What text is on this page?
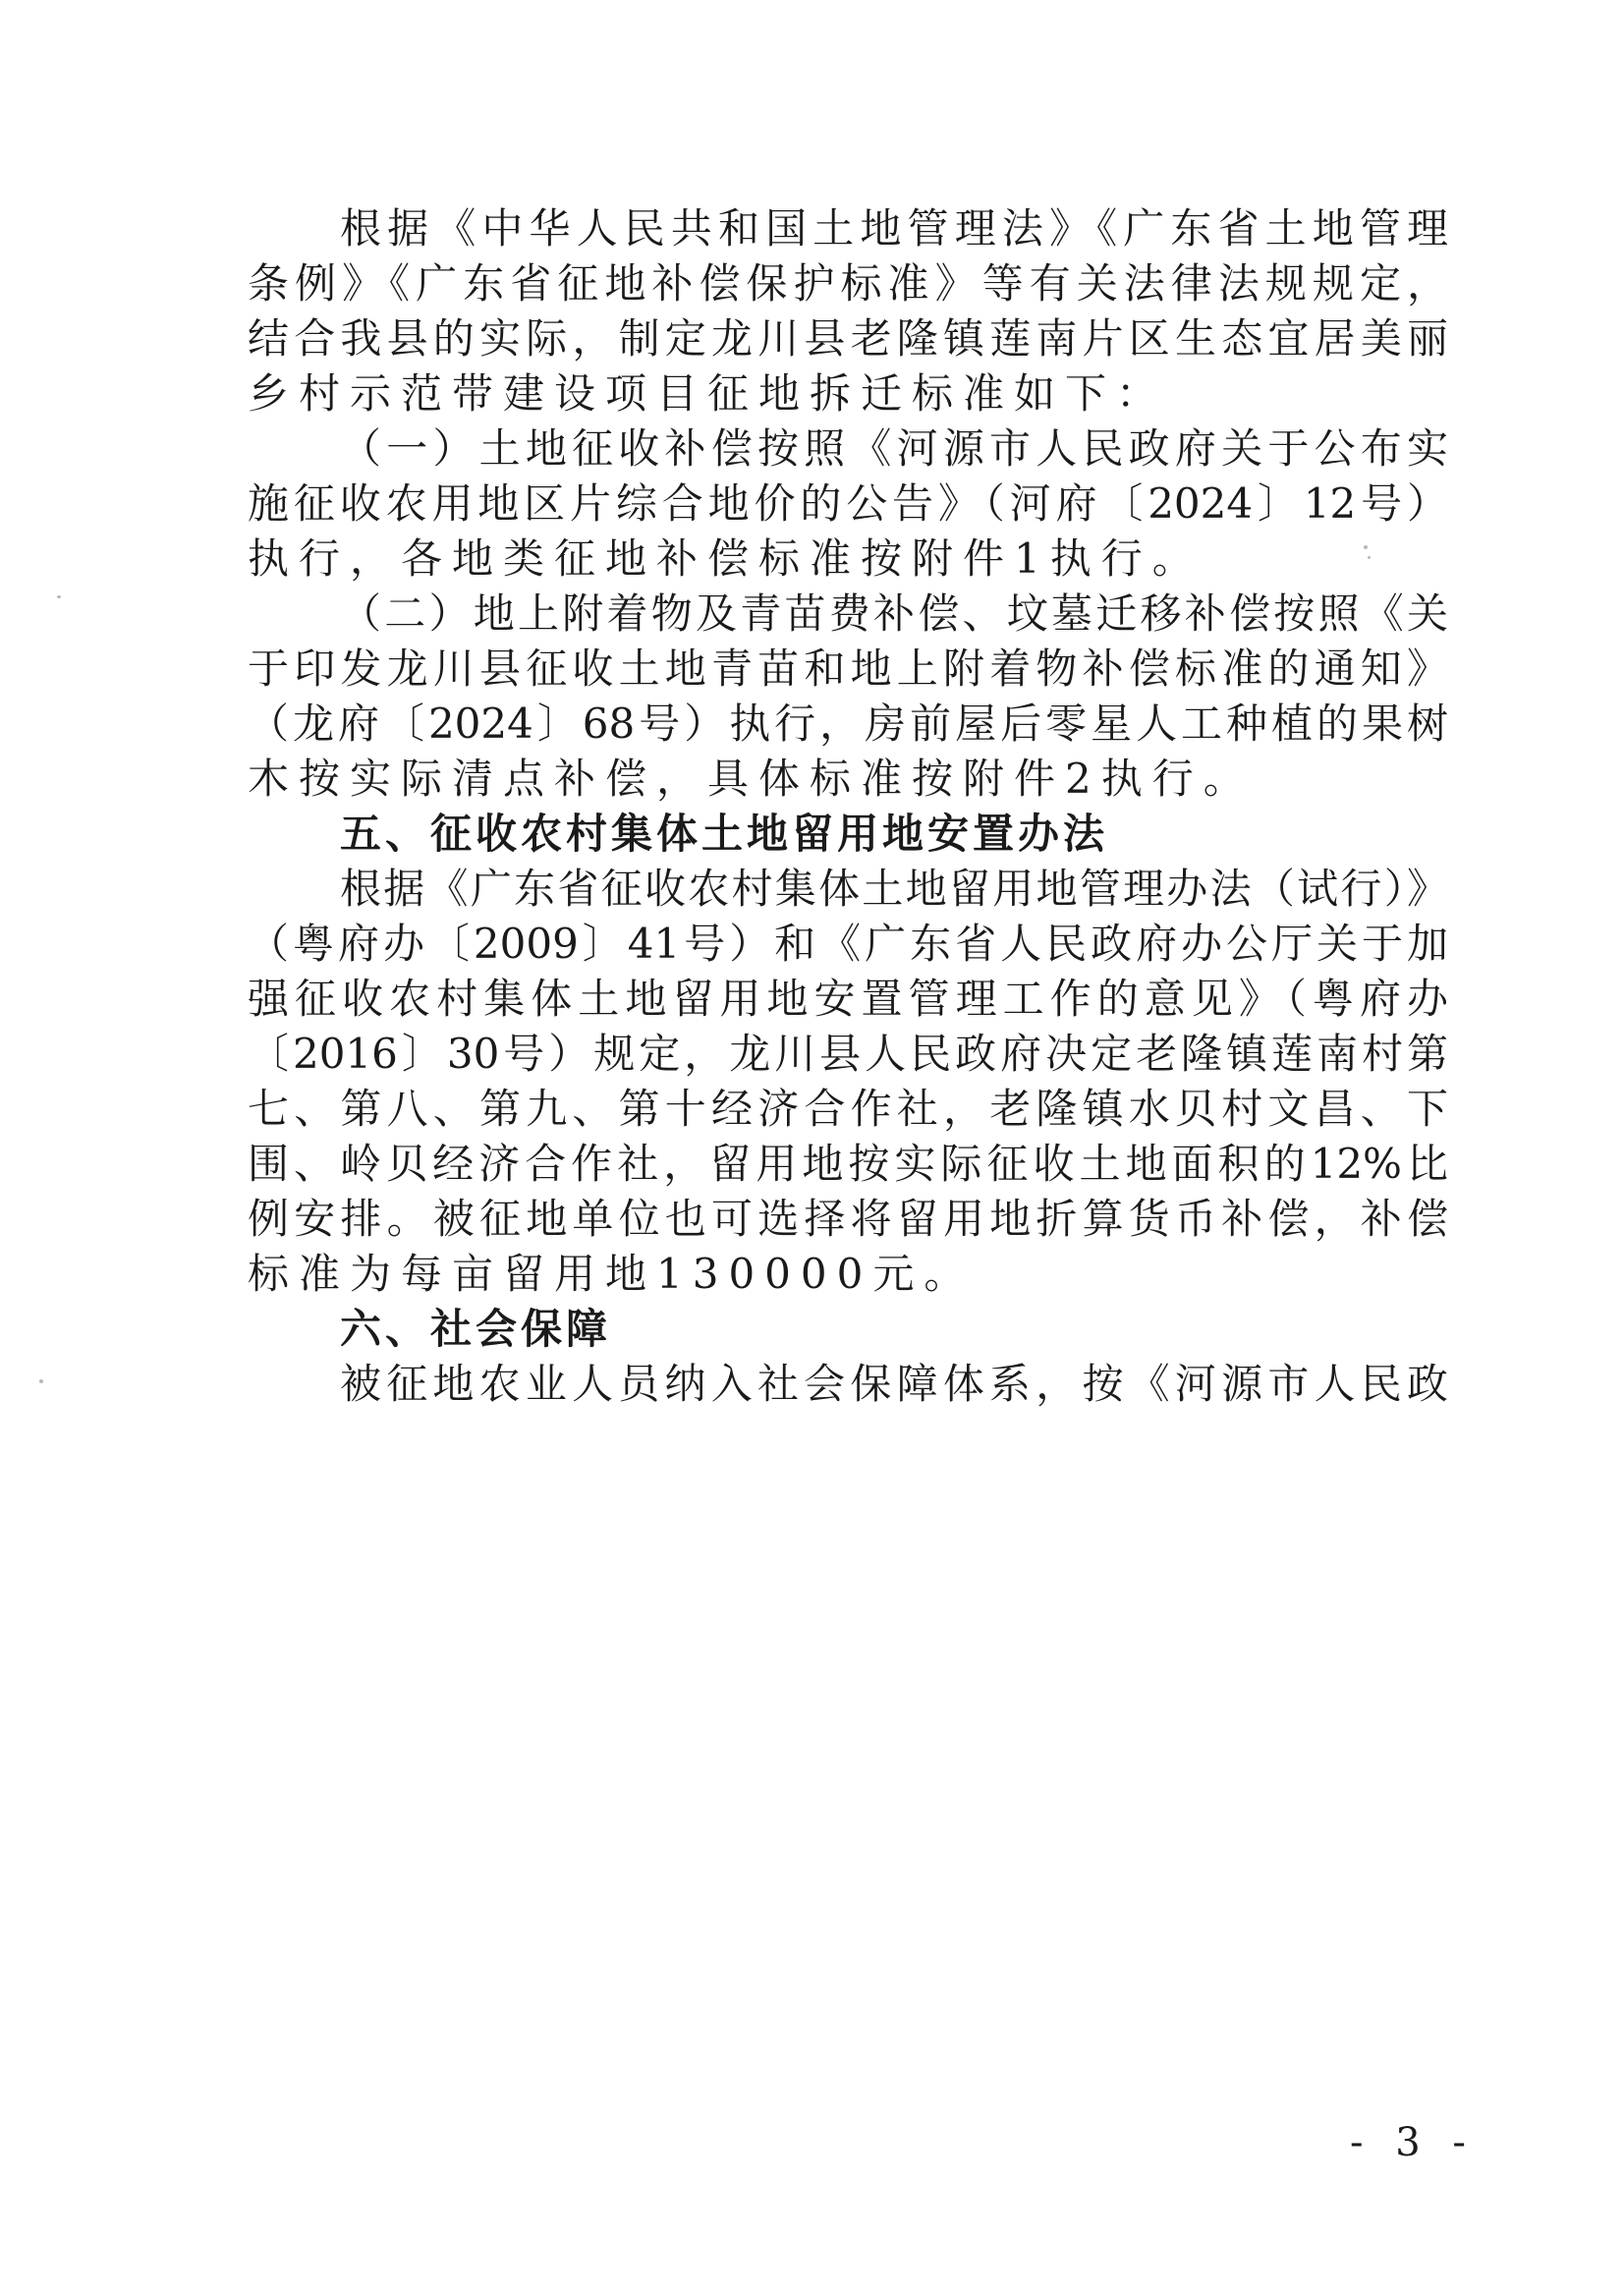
根据《中华人民共和国土地管理法》《广东省土地管理
条例》《广东省征地补偿保护标准》等有关法律法规规定，
结合我县的实际，制定龙川县老隆镇莲南片区生态宜居美丽
乡村示范带建设项目征地拆迁标准如下：
（一）土地征收补偿按照《河源市人民政府关于公布实
施征收农用地区片综合地价的公告》（河府〔2024〕12号）
执行，各地类征地补偿标准按附件1执行。
（二）地上附着物及青苗费补偿、坟墓迁移补偿按照《关
于印发龙川县征收土地青苗和地上附着物补偿标准的通知》
（龙府〔2024〕68号）执行，房前屋后零星人工种植的果树
木按实际清点补偿，具体标准按附件2执行。
五、征收农村集体土地留用地安置办法
根据《广东省征收农村集体土地留用地管理办法（试行）》
（粤府办〔2009〕41号）和《广东省人民政府办公厅关于加
强征收农村集体土地留用地安置管理工作的意见》（粤府办
〔2016〕30号）规定，龙川县人民政府决定老隆镇莲南村第
七、第八、第九、第十经济合作社，老隆镇水贝村文昌、下
围、岭贝经济合作社，留用地按实际征收土地面积的12%比
例安排。被征地单位也可选择将留用地折算货币补偿，补偿
标准为每亩留用地130000元。
六、社会保障
被征地农业人员纳入社会保障体系，按《河源市人民政
- 3 -
